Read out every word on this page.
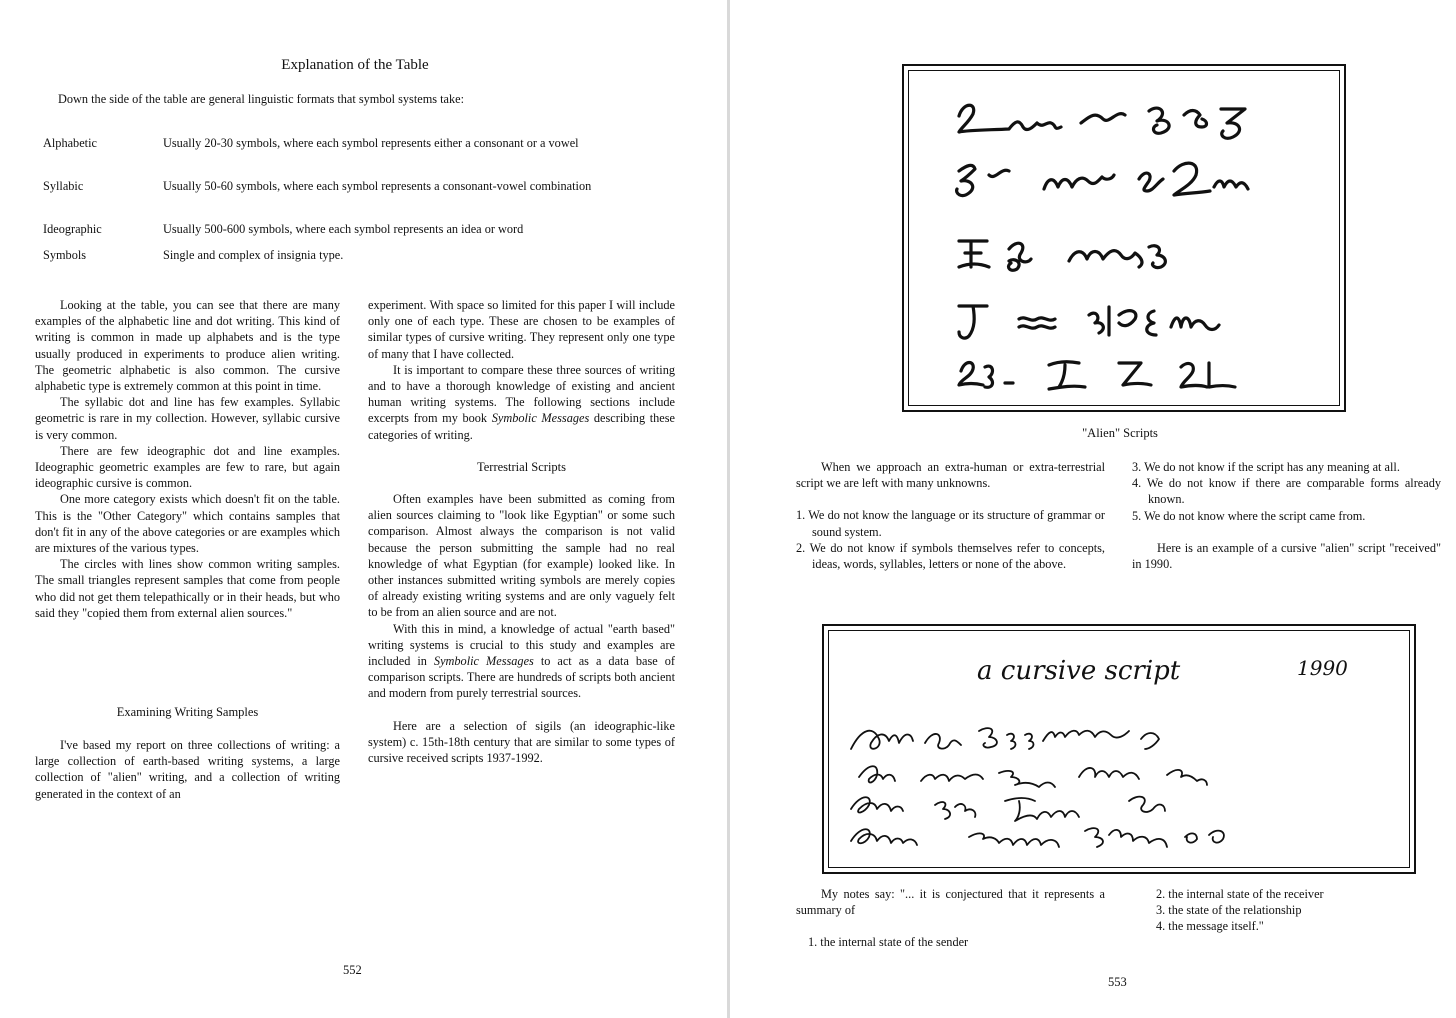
Explanation of the Table
Down the side of the table are general linguistic formats that symbol systems take:
Alphabetic	Usually 20-30 symbols, where each symbol represents either a consonant or a vowel
Syllabic	Usually 50-60 symbols, where each symbol represents a consonant-vowel combination
Ideographic	Usually 500-600 symbols, where each symbol represents an idea or word
Symbols	Single and complex of insignia type.

Looking at the table, you can see that there are many examples of the alphabetic line and dot writing. This kind of writing is common in made up alphabets and is the type usually produced in experiments to produce alien writing. The geometric alphabetic is also common. The cursive alphabetic type is extremely common at this point in time.

The syllabic dot and line has few examples. Syllabic geometric is rare in my collection. However, syllabic cursive is very common.

There are few ideographic dot and line examples. Ideographic geometric examples are few to rare, but again ideographic cursive is common.

One more category exists which doesn't fit on the table. This is the "Other Category" which contains samples that don't fit in any of the above categories or are examples which are mixtures of the various types.

The circles with lines show common writing samples. The small triangles represent samples that come from people who did not get them telepathically or in their heads, but who said they "copied them from external alien sources."

Examining Writing Samples

I've based my report on three collections of writing: a large collection of earth-based writing systems, a large collection of "alien" writing, and a collection of writing generated in the context of an

experiment. With space so limited for this paper I will include only one of each type. These are chosen to be examples of similar types of cursive writing. They represent only one type of many that I have collected.

It is important to compare these three sources of writing and to have a thorough knowledge of existing and ancient human writing systems. The following sections include excerpts from my book Symbolic Messages describing these categories of writing.

Terrestrial Scripts

Often examples have been submitted as coming from alien sources claiming to "look like Egyptian" or some such comparison. Almost always the comparison is not valid because the person submitting the sample had no real knowledge of what Egyptian (for example) looked like. In other instances submitted writing symbols are merely copies of already existing writing systems and are only vaguely felt to be from an alien source and are not.

With this in mind, a knowledge of actual "earth based" writing systems is crucial to this study and examples are included in Symbolic Messages to act as a data base of comparison scripts. There are hundreds of scripts both ancient and modern from purely terrestrial sources.

Here are a selection of sigils (an ideographic-like system) c. 15th-18th century that are similar to some types of cursive received scripts 1937-1992.

552
"Alien" Scripts

When we approach an extra-human or extra-terrestrial script we are left with many unknowns.

1. We do not know the language or its structure of grammar or sound system.

2. We do not know if symbols themselves refer to concepts, ideas, words, syllables, letters or none of the above.

3. We do not know if the script has any meaning at all.

4. We do not know if there are comparable forms already known.

5. We do not know where the script came from.

Here is an example of a cursive "alien" script "received" in 1990.

a cursive script	1990

My notes say: "... it is conjectured that it represents a summary of

1. the internal state of the sender

2. the internal state of the receiver

3. the state of the relationship

4. the message itself."

553
